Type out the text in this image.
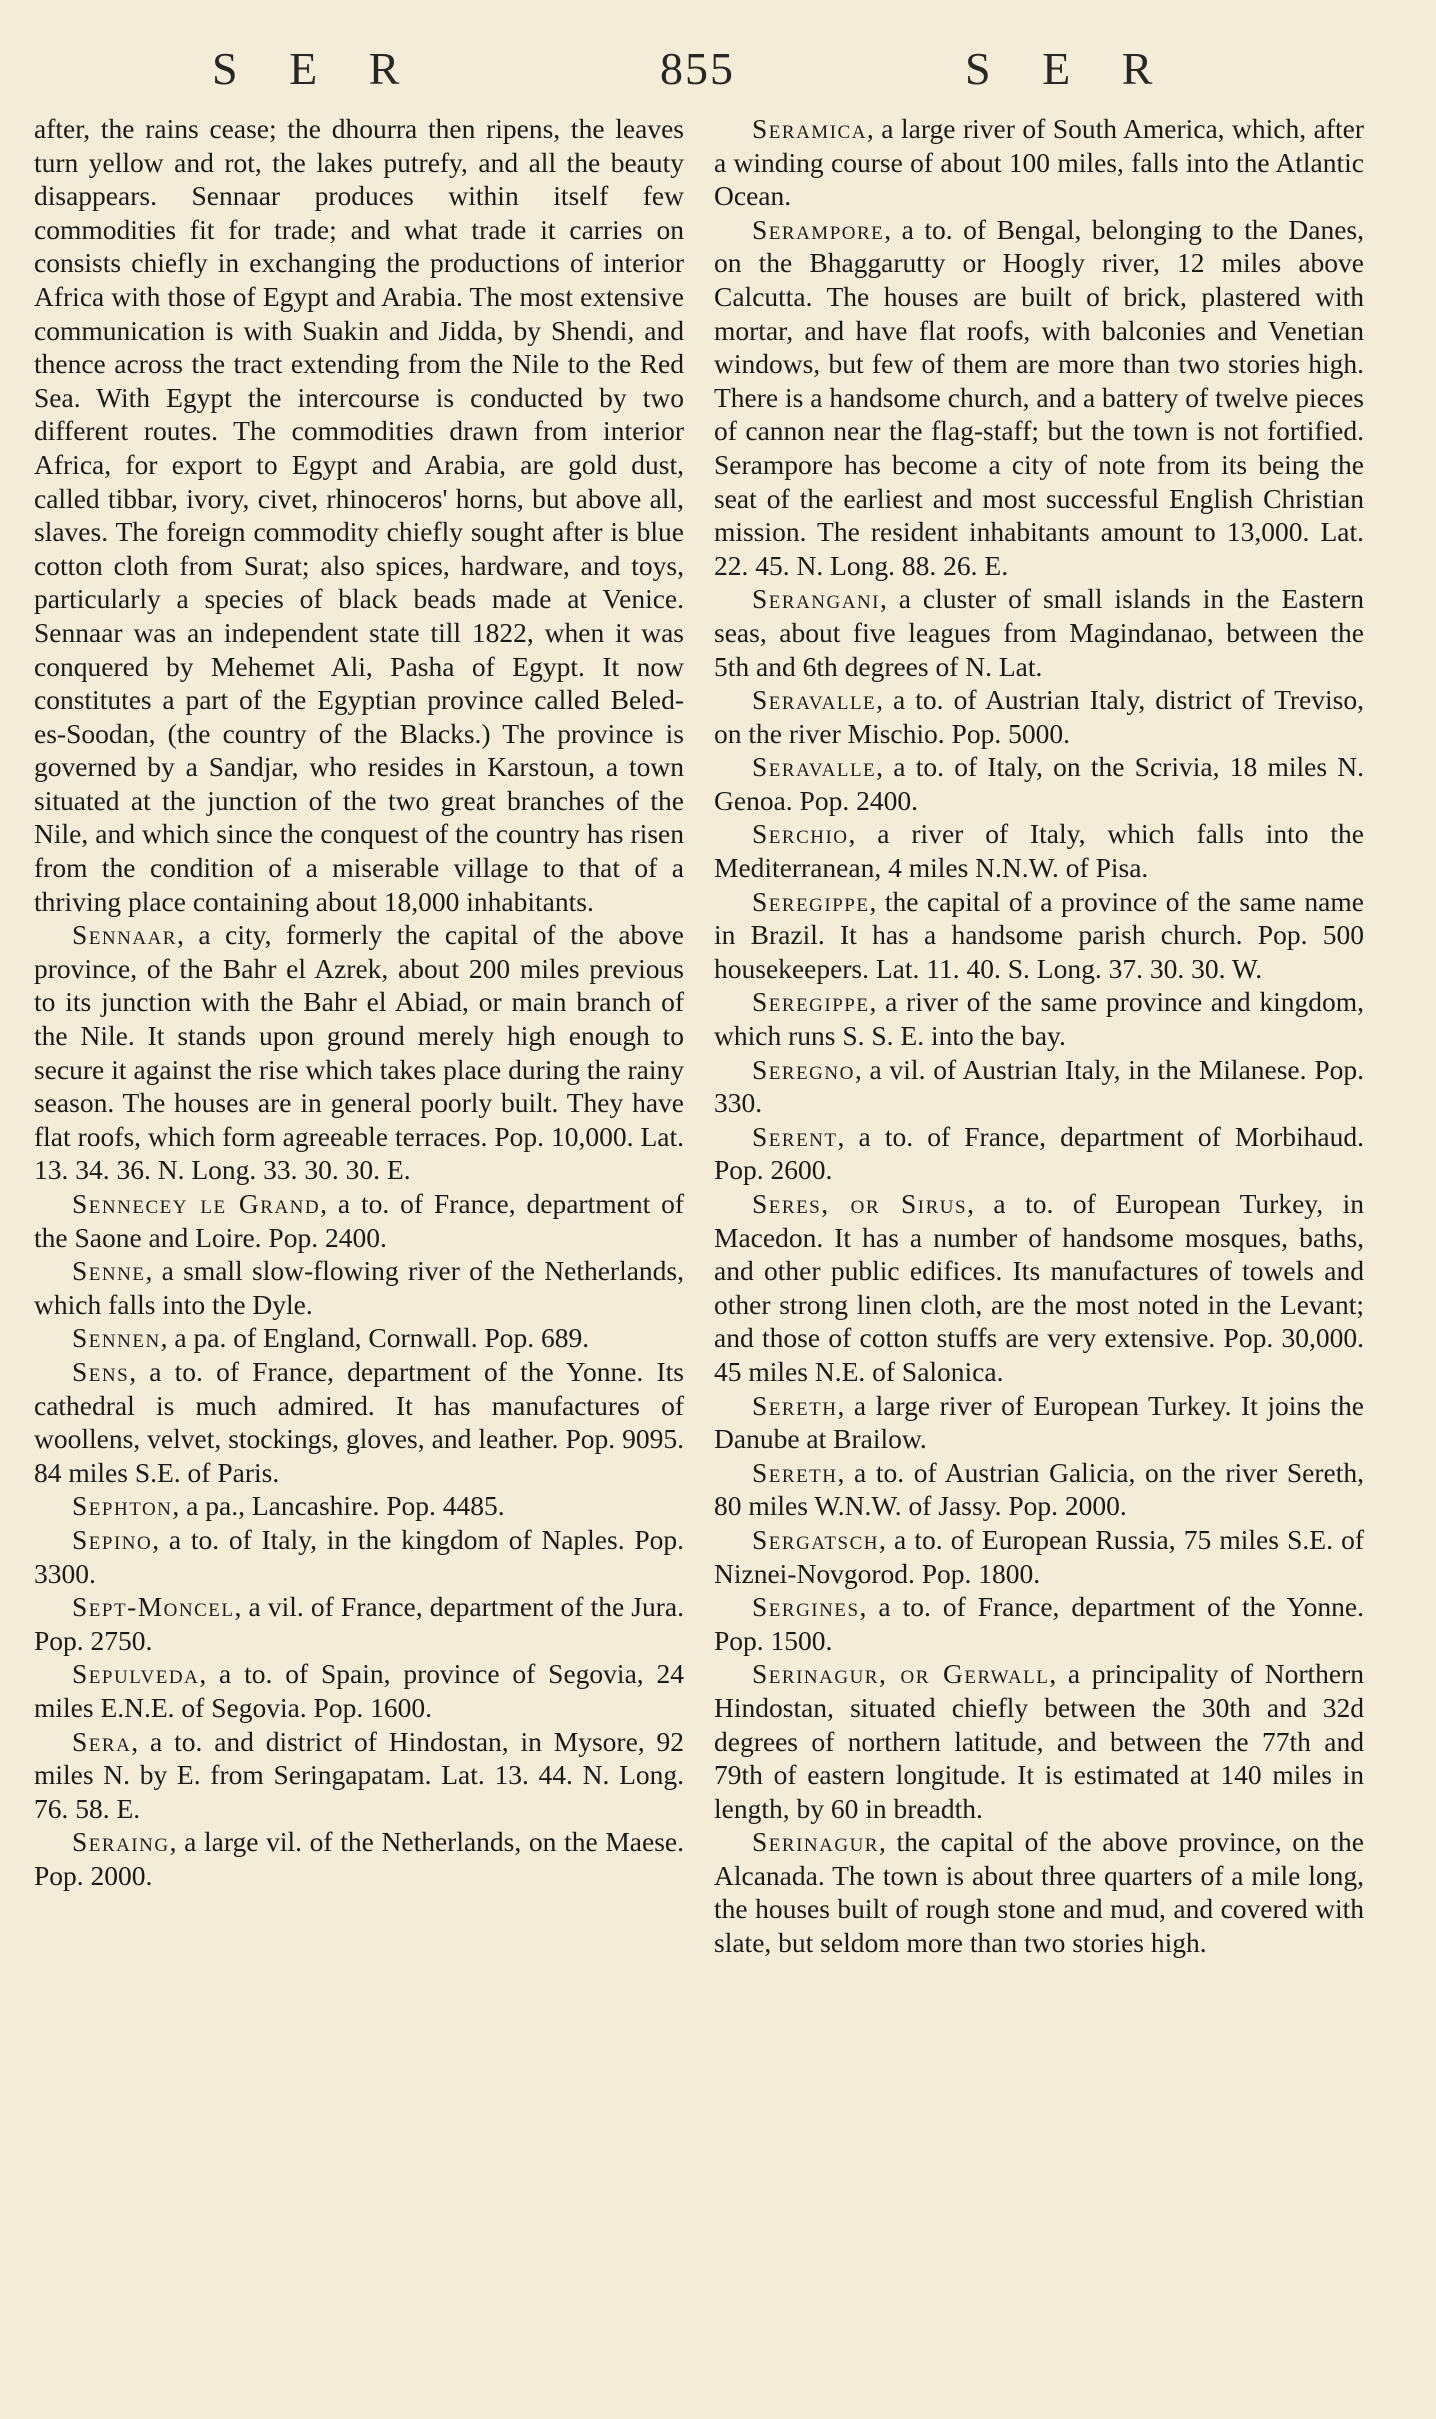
S E R	855	S E R

after, the rains cease; the dhourra then ripens, the leaves turn yellow and rot, the lakes putrefy, and all the beauty disappears. Sennaar produces within itself few commodities fit for trade; and what trade it carries on consists chiefly in exchanging the productions of interior Africa with those of Egypt and Arabia. The most extensive communication is with Suakin and Jidda, by Shendi, and thence across the tract extending from the Nile to the Red Sea. With Egypt the intercourse is conducted by two different routes. The commodities drawn from interior Africa, for export to Egypt and Arabia, are gold dust, called tibbar, ivory, civet, rhinoceros' horns, but above all, slaves. The foreign commodity chiefly sought after is blue cotton cloth from Surat; also spices, hardware, and toys, particularly a species of black beads made at Venice. Sennaar was an independent state till 1822, when it was conquered by Mehemet Ali, Pasha of Egypt. It now constitutes a part of the Egyptian province called Beled-es-Soodan, (the country of the Blacks.) The province is governed by a Sandjar, who resides in Karstoun, a town situated at the junction of the two great branches of the Nile, and which since the conquest of the country has risen from the condition of a miserable village to that of a thriving place containing about 18,000 inhabitants.

Sennaar, a city, formerly the capital of the above province, of the Bahr el Azrek, about 200 miles previous to its junction with the Bahr el Abiad, or main branch of the Nile. It stands upon ground merely high enough to secure it against the rise which takes place during the rainy season. The houses are in general poorly built. They have flat roofs, which form agreeable terraces. Pop. 10,000. Lat. 13. 34. 36. N. Long. 33. 30. 30. E.

Sennecey le Grand, a to. of France, department of the Saone and Loire. Pop. 2400.

Senne, a small slow-flowing river of the Netherlands, which falls into the Dyle.

Sennen, a pa. of England, Cornwall. Pop. 689.

Sens, a to. of France, department of the Yonne. Its cathedral is much admired. It has manufactures of woollens, velvet, stockings, gloves, and leather. Pop. 9095. 84 miles S.E. of Paris.

Sephton, a pa., Lancashire. Pop. 4485.

Sepino, a to. of Italy, in the kingdom of Naples. Pop. 3300.

Sept-Moncel, a vil. of France, department of the Jura. Pop. 2750.

Sepulveda, a to. of Spain, province of Segovia, 24 miles E.N.E. of Segovia. Pop. 1600.

Sera, a to. and district of Hindostan, in Mysore, 92 miles N. by E. from Seringapatam. Lat. 13. 44. N. Long. 76. 58. E.

Seraing, a large vil. of the Netherlands, on the Maese. Pop. 2000.

Seramica, a large river of South America, which, after a winding course of about 100 miles, falls into the Atlantic Ocean.

Serampore, a to. of Bengal, belonging to the Danes, on the Bhaggarutty or Hoogly river, 12 miles above Calcutta. The houses are built of brick, plastered with mortar, and have flat roofs, with balconies and Venetian windows, but few of them are more than two stories high. There is a handsome church, and a battery of twelve pieces of cannon near the flag-staff; but the town is not fortified. Serampore has become a city of note from its being the seat of the earliest and most successful English Christian mission. The resident inhabitants amount to 13,000. Lat. 22. 45. N. Long. 88. 26. E.

Serangani, a cluster of small islands in the Eastern seas, about five leagues from Magindanao, between the 5th and 6th degrees of N. Lat.

Seravalle, a to. of Austrian Italy, district of Treviso, on the river Mischio. Pop. 5000.

Seravalle, a to. of Italy, on the Scrivia, 18 miles N. Genoa. Pop. 2400.

Serchio, a river of Italy, which falls into the Mediterranean, 4 miles N.N.W. of Pisa.

Seregippe, the capital of a province of the same name in Brazil. It has a handsome parish church. Pop. 500 housekeepers. Lat. 11. 40. S. Long. 37. 30. 30. W.

Seregippe, a river of the same province and kingdom, which runs S. S. E. into the bay.

Seregno, a vil. of Austrian Italy, in the Milanese. Pop. 330.

Serent, a to. of France, department of Morbihaud. Pop. 2600.

Seres, or Sirus, a to. of European Turkey, in Macedon. It has a number of handsome mosques, baths, and other public edifices. Its manufactures of towels and other strong linen cloth, are the most noted in the Levant; and those of cotton stuffs are very extensive. Pop. 30,000. 45 miles N.E. of Salonica.

Sereth, a large river of European Turkey. It joins the Danube at Brailow.

Sereth, a to. of Austrian Galicia, on the river Sereth, 80 miles W.N.W. of Jassy. Pop. 2000.

Sergatsch, a to. of European Russia, 75 miles S.E. of Niznei-Novgorod. Pop. 1800.

Sergines, a to. of France, department of the Yonne. Pop. 1500.

Serinagur, or Gerwall, a principality of Northern Hindostan, situated chiefly between the 30th and 32d degrees of northern latitude, and between the 77th and 79th of eastern longitude. It is estimated at 140 miles in length, by 60 in breadth.

Serinagur, the capital of the above province, on the Alcanada. The town is about three quarters of a mile long, the houses built of rough stone and mud, and covered with slate, but seldom more than two stories high.
